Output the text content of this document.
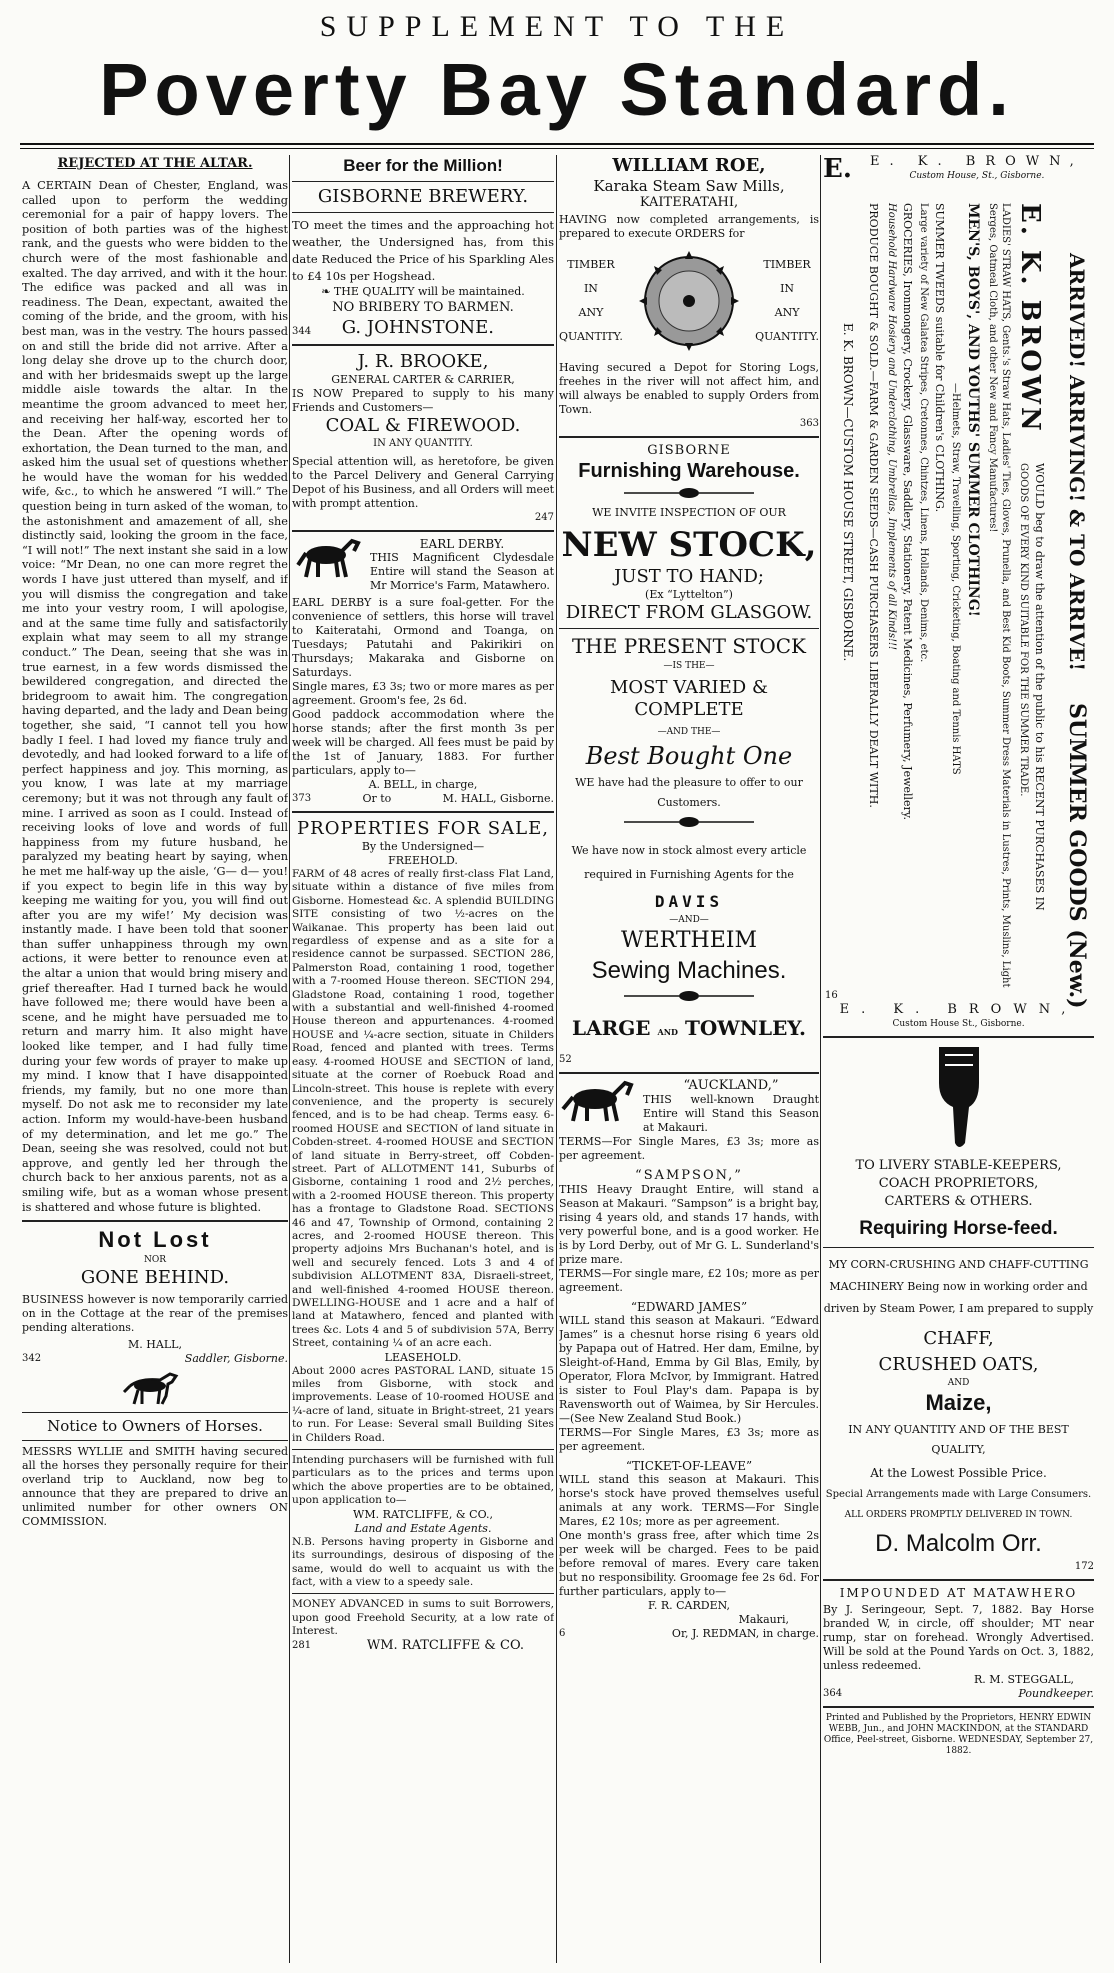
SUPPLEMENT TO THE
Poverty Bay Standard.
REJECTED AT THE ALTAR.

A CERTAIN Dean of Chester, England, was called upon to perform the wedding ceremonial for a pair of happy lovers. The position of both parties was of the highest rank, and the guests who were bidden to the church were of the most fashionable and exalted. The day arrived, and with it the hour. The edifice was packed and all was in readiness. The Dean, expectant, awaited the coming of the bride, and the groom, with his best man, was in the vestry. The hours passed on and still the bride did not arrive. After a long delay she drove up to the church door, and with her bridesmaids swept up the large middle aisle towards the altar. In the meantime the groom advanced to meet her, and receiving her half-way, escorted her to the Dean. After the opening words of exhortation, the Dean turned to the man, and asked him the usual set of questions whether he would have the woman for his wedded wife, &c., to which he answered “I will.” The question being in turn asked of the woman, to the astonishment and amazement of all, she distinctly said, looking the groom in the face, “I will not!” The next instant she said in a low voice: “Mr Dean, no one can more regret the words I have just uttered than myself, and if you will dismiss the congregation and take me into your vestry room, I will apologise, and at the same time fully and satisfactorily explain what may seem to all my strange conduct.” The Dean, seeing that she was in true earnest, in a few words dismissed the bewildered congregation, and directed the bridegroom to await him. The congregation having departed, and the lady and Dean being together, she said, “I cannot tell you how badly I feel. I had loved my fiance truly and devotedly, and had looked forward to a life of perfect happiness and joy. This morning, as you know, I was late at my marriage ceremony; but it was not through any fault of mine. I arrived as soon as I could. Instead of receiving looks of love and words of full happiness from my future husband, he paralyzed my beating heart by saying, when he met me half-way up the aisle, ‘G— d— you! if you expect to begin life in this way by keeping me waiting for you, you will find out after you are my wife!’ My decision was instantly made. I have been told that sooner than suffer unhappiness through my own actions, it were better to renounce even at the altar a union that would bring misery and grief thereafter. Had I turned back he would have followed me; there would have been a scene, and he might have persuaded me to return and marry him. It also might have looked like temper, and I had fully time during your few words of prayer to make up my mind. I know that I have disappointed friends, my family, but no one more than myself. Do not ask me to reconsider my late action. Inform my would-have-been husband of my determination, and let me go.” The Dean, seeing she was resolved, could not but approve, and gently led her through the church back to her anxious parents, not as a smiling wife, but as a woman whose present is shattered and whose future is blighted.

Not Lost
NOR
GONE BEHIND.

BUSINESS however is now temporarily carried on in the Cottage at the rear of the premises pending alterations.

M. HALL,
342	Saddler, Gisborne.
Notice to Owners of Horses.

MESSRS WYLLIE and SMITH having secured all the horses they personally require for their overland trip to Auckland, now beg to announce that they are prepared to drive an unlimited number for other owners ON COMMISSION.

Beer for the Million!
GISBORNE BREWERY.

TO meet the times and the approaching hot weather, the Undersigned has, from this date Reduced the Price of his Sparkling Ales to £4 10s per Hogshead.

❧ THE QUALITY will be maintained.
NO BRIBERY TO BARMEN.
344 G. JOHNSTONE.
J. R. BROOKE,
GENERAL CARTER & CARRIER,

IS NOW Prepared to supply to his many Friends and Customers—

COAL & FIREWOOD.
IN ANY QUANTITY.

Special attention will, as heretofore, be given to the Parcel Delivery and General Carrying Depot of his Business, and all Orders will meet with prompt attention.

247
EARL DERBY.

THIS Magnificent Clydesdale Entire will stand the Season at Mr Morrice's Farm, Matawhero.

EARL DERBY is a sure foal-getter. For the convenience of settlers, this horse will travel to Kaiteratahi, Ormond and Toanga, on Tuesdays; Patutahi and Pakirikiri on Thursdays; Makaraka and Gisborne on Saturdays.

Single mares, £3 3s; two or more mares as per agreement. Groom's fee, 2s 6d.

Good paddock accommodation where the horse stands; after the first month 3s per week will be charged. All fees must be paid by the 1st of January, 1883. For further particulars, apply to—

A. BELL, in charge,
373	Or to	M. HALL, Gisborne.
PROPERTIES FOR SALE,
By the Undersigned—
FREEHOLD.

FARM of 48 acres of really first-class Flat Land, situate within a distance of five miles from Gisborne. Homestead &c. A splendid BUILDING SITE consisting of two ½-acres on the Waikanae. This property has been laid out regardless of expense and as a site for a residence cannot be surpassed. SECTION 286, Palmerston Road, containing 1 rood, together with a 7-roomed House thereon. SECTION 294, Gladstone Road, containing 1 rood, together with a substantial and well-finished 4-roomed House thereon and appurtenances. 4-roomed HOUSE and ¼-acre section, situate in Childers Road, fenced and planted with trees. Terms easy. 4-roomed HOUSE and SECTION of land, situate at the corner of Roebuck Road and Lincoln-street. This house is replete with every convenience, and the property is securely fenced, and is to be had cheap. Terms easy. 6-roomed HOUSE and SECTION of land situate in Cobden-street. 4-roomed HOUSE and SECTION of land situate in Berry-street, off Cobden-street. Part of ALLOTMENT 141, Suburbs of Gisborne, containing 1 rood and 2½ perches, with a 2-roomed HOUSE thereon. This property has a frontage to Gladstone Road. SECTIONS 46 and 47, Township of Ormond, containing 2 acres, and 2-roomed HOUSE thereon. This property adjoins Mrs Buchanan's hotel, and is well and securely fenced. Lots 3 and 4 of subdivision ALLOTMENT 83A, Disraeli-street, and well-finished 4-roomed HOUSE thereon. DWELLING-HOUSE and 1 acre and a half of land at Matawhero, fenced and planted with trees &c. Lots 4 and 5 of subdivision 57A, Berry Street, containing ¼ of an acre each.

LEASEHOLD.

About 2000 acres PASTORAL LAND, situate 15 miles from Gisborne, with stock and improvements. Lease of 10-roomed HOUSE and ¼-acre of land, situate in Bright-street, 21 years to run. For Lease: Several small Building Sites in Childers Road.

Intending purchasers will be furnished with full particulars as to the prices and terms upon which the above properties are to be obtained, upon application to—

WM. RATCLIFFE, & CO.,
Land and Estate Agents.

N.B. Persons having property in Gisborne and its surroundings, desirous of disposing of the same, would do well to acquaint us with the fact, with a view to a speedy sale.

MONEY ADVANCED in sums to suit Borrowers, upon good Freehold Security, at a low rate of Interest.

281	WM. RATCLIFFE & CO.
WILLIAM ROE,
Karaka Steam Saw Mills,
KAITERATAHI,

HAVING now completed arrangements, is prepared to execute ORDERS for

TIMBER
IN
ANY
QUANTITY.
TIMBER
IN
ANY
QUANTITY.

Having secured a Depot for Storing Logs, freehes in the river will not affect him, and will always be enabled to supply Orders from Town.

363
GISBORNE
Furnishing Warehouse.
WE INVITE INSPECTION OF OUR
NEW STOCK,
JUST TO HAND;
(Ex “Lyttelton”)
DIRECT FROM GLASGOW.
THE PRESENT STOCK
—IS THE—
MOST VARIED & COMPLETE
—AND THE—
Best Bought One

WE have had the pleasure to offer to our Customers.

We have now in stock almost every article required in Furnishing Agents for the

DAVIS
—AND—
WERTHEIM
Sewing Machines.
LARGE AND TOWNLEY.
52
“AUCKLAND,”

THIS well-known Draught Entire will Stand this Season at Makauri.

TERMS—For Single Mares, £3 3s; more as per agreement.

“SAMPSON,”

THIS Heavy Draught Entire, will stand a Season at Makauri. “Sampson” is a bright bay, rising 4 years old, and stands 17 hands, with very powerful bone, and is a good worker. He is by Lord Derby, out of Mr G. L. Sunderland's prize mare.

TERMS—For single mare, £2 10s; more as per agreement.

“EDWARD JAMES”

WILL stand this season at Makauri. “Edward James” is a chesnut horse rising 6 years old by Papapa out of Hatred. Her dam, Emilne, by Sleight-of-Hand, Emma by Gil Blas, Emily, by Operator, Flora McIvor, by Immigrant. Hatred is sister to Foul Play's dam. Papapa is by Ravensworth out of Waimea, by Sir Hercules.—(See New Zealand Stud Book.)

TERMS—For Single Mares, £3 3s; more as per agreement.

“TICKET-OF-LEAVE”

WILL stand this season at Makauri. This horse's stock have proved themselves useful animals at any work. TERMS—For Single Mares, £2 10s; more as per agreement.

One month's grass free, after which time 2s per week will be charged. Fees to be paid before removal of mares. Every care taken but no responsibility. Groomage fee 2s 6d. For further particulars, apply to—

F. R. CARDEN,
Makauri,
6	Or, J. REDMAN, in charge.
E.	E. K. BROWN,
Custom House, St., Gisborne.
ARRIVED! ARRIVING! & TO ARRIVE!
SUMMER GOODS (New.)
E. K. BROWN
WOULD beg to draw the attention of the public to his RECENT PURCHASES IN
GOODS OF EVERY KIND SUITABLE FOR THE SUMMER TRADE.
LADIES' STRAW HATS, Gents.'s Straw Hats, Ladies' Ties, Gloves, Prunella, and Best Kid Boots, Summer Dress Materials in Lustres, Prints, Muslins, Light Serges, Oatmeal Cloth, and other New and Fancy Manufactures!
MEN'S, BOYS', AND YOUTHS' SUMMER CLOTHING!
—Helmets, Straw, Travelling, Sporting, Cricketing, Boating and Tennis HATS
SUMMER TWEEDS suitable for Children's CLOTHING.
Large variety of New Galatea Stripes, Cretonnes, Chintzes, Linens, Hollands, Denims, etc.
GROCERIES, Ironmongery, Crockery, Glassware, Saddlery, Stationery, Patent Medicines, Perfumery, Jewellery.
Household Hardware Hosiery and Underclothing, Umbrellas, Implements of all Kinds!!!
PRODUCE BOUGHT & SOLD.—FARM & GARDEN SEEDS—CASH PURCHASERS LIBERALLY DEALT WITH.
E. K. BROWN—CUSTOM HOUSE STREET, GISBORNE.
16
E. K. BROWN,
Custom House St., Gisborne.
TO LIVERY STABLE-KEEPERS,
COACH PROPRIETORS,
CARTERS & OTHERS.
Requiring Horse-feed.

MY CORN-CRUSHING AND CHAFF-CUTTING MACHINERY Being now in working order and driven by Steam Power, I am prepared to supply

CHAFF,
CRUSHED OATS,
AND
Maize,

IN ANY QUANTITY AND OF THE BEST QUALITY,

At the Lowest Possible Price.

Special Arrangements made with Large Consumers.

ALL ORDERS PROMPTLY DELIVERED IN TOWN.

D. Malcolm Orr.
172
IMPOUNDED AT MATAWHERO

By J. Seringeour, Sept. 7, 1882. Bay Horse branded W, in circle, off shoulder; MT near rump, star on forehead. Wrongly Advertised. Will be sold at the Pound Yards on Oct. 3, 1882, unless redeemed.

R. M. STEGGALL,
364	Poundkeeper.

Printed and Published by the Proprietors, HENRY EDWIN WEBB, Jun., and JOHN MACKINDON, at the STANDARD Office, Peel-street, Gisborne. WEDNESDAY, September 27, 1882.
